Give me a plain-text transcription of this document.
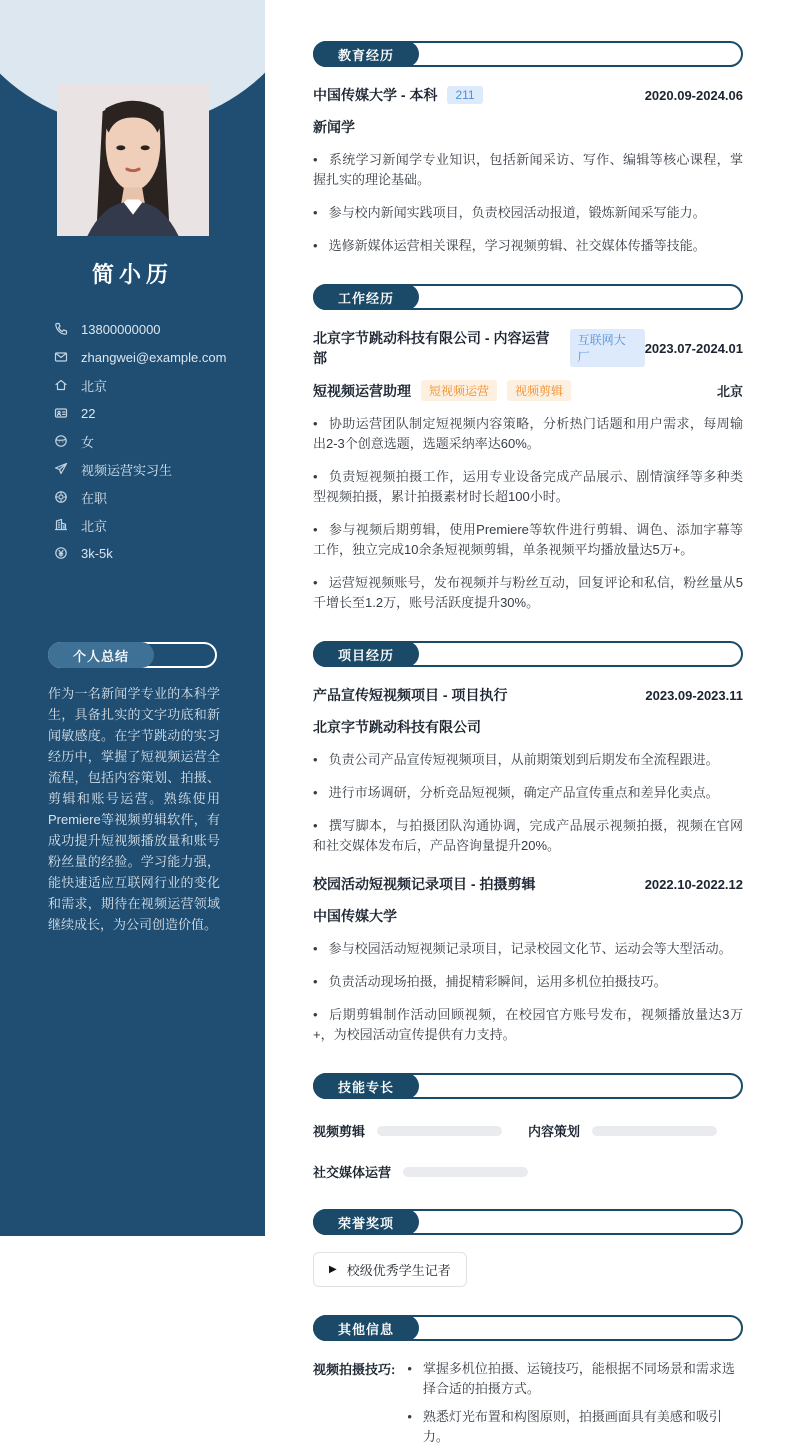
简小历
13800000000
zhangwei@example.com
北京
22
女
视频运营实习生
在职
北京
3k-5k
个人总结

作为一名新闻学专业的本科学生，具备扎实的文字功底和新闻敏感度。在字节跳动的实习经历中，掌握了短视频运营全流程，包括内容策划、拍摄、剪辑和账号运营。熟练使用Premiere等视频剪辑软件，有成功提升短视频播放量和账号粉丝量的经验。学习能力强，能快速适应互联网行业的变化和需求，期待在视频运营领域继续成长，为公司创造价值。

教育经历
中国传媒大学 - 本科	211	2020.09-2024.06
新闻学

• 系统学习新闻学专业知识，包括新闻采访、写作、编辑等核心课程，掌握扎实的理论基础。

• 参与校内新闻实践项目，负责校园活动报道，锻炼新闻采写能力。

• 选修新媒体运营相关课程，学习视频剪辑、社交媒体传播等技能。

工作经历
北京字节跳动科技有限公司 - 内容运营部
互联网大厂
2023.07-2024.01
短视频运营助理	短视频运营	视频剪辑	北京

• 协助运营团队制定短视频内容策略，分析热门话题和用户需求，每周输出2-3个创意选题，选题采纳率达60%。

• 负责短视频拍摄工作，运用专业设备完成产品展示、剧情演绎等多种类型视频拍摄，累计拍摄素材时长超100小时。

• 参与视频后期剪辑，使用Premiere等软件进行剪辑、调色、添加字幕等工作，独立完成10余条短视频剪辑，单条视频平均播放量达5万+。

• 运营短视频账号，发布视频并与粉丝互动，回复评论和私信，粉丝量从5千增长至1.2万，账号活跃度提升30%。

项目经历
产品宣传短视频项目 - 项目执行	2023.09-2023.11
北京字节跳动科技有限公司

• 负责公司产品宣传短视频项目，从前期策划到后期发布全流程跟进。

• 进行市场调研，分析竞品短视频，确定产品宣传重点和差异化卖点。

• 撰写脚本，与拍摄团队沟通协调，完成产品展示视频拍摄，视频在官网和社交媒体发布后，产品咨询量提升20%。

校园活动短视频记录项目 - 拍摄剪辑	2022.10-2022.12
中国传媒大学

• 参与校园活动短视频记录项目，记录校园文化节、运动会等大型活动。

• 负责活动现场拍摄，捕捉精彩瞬间，运用多机位拍摄技巧。

• 后期剪辑制作活动回顾视频，在校园官方账号发布，视频播放量达3万+，为校园活动宣传提供有力支持。

技能专长
视频剪辑	内容策划
社交媒体运营
荣誉奖项
▶ 校级优秀学生记者
其他信息
视频拍摄技巧: • 掌握多机位拍摄、运镜技巧，能根据不同场景和需求选择合适的拍摄方式。
•
熟悉灯光布置和构图原则，拍摄画面具有美感和吸引力。
